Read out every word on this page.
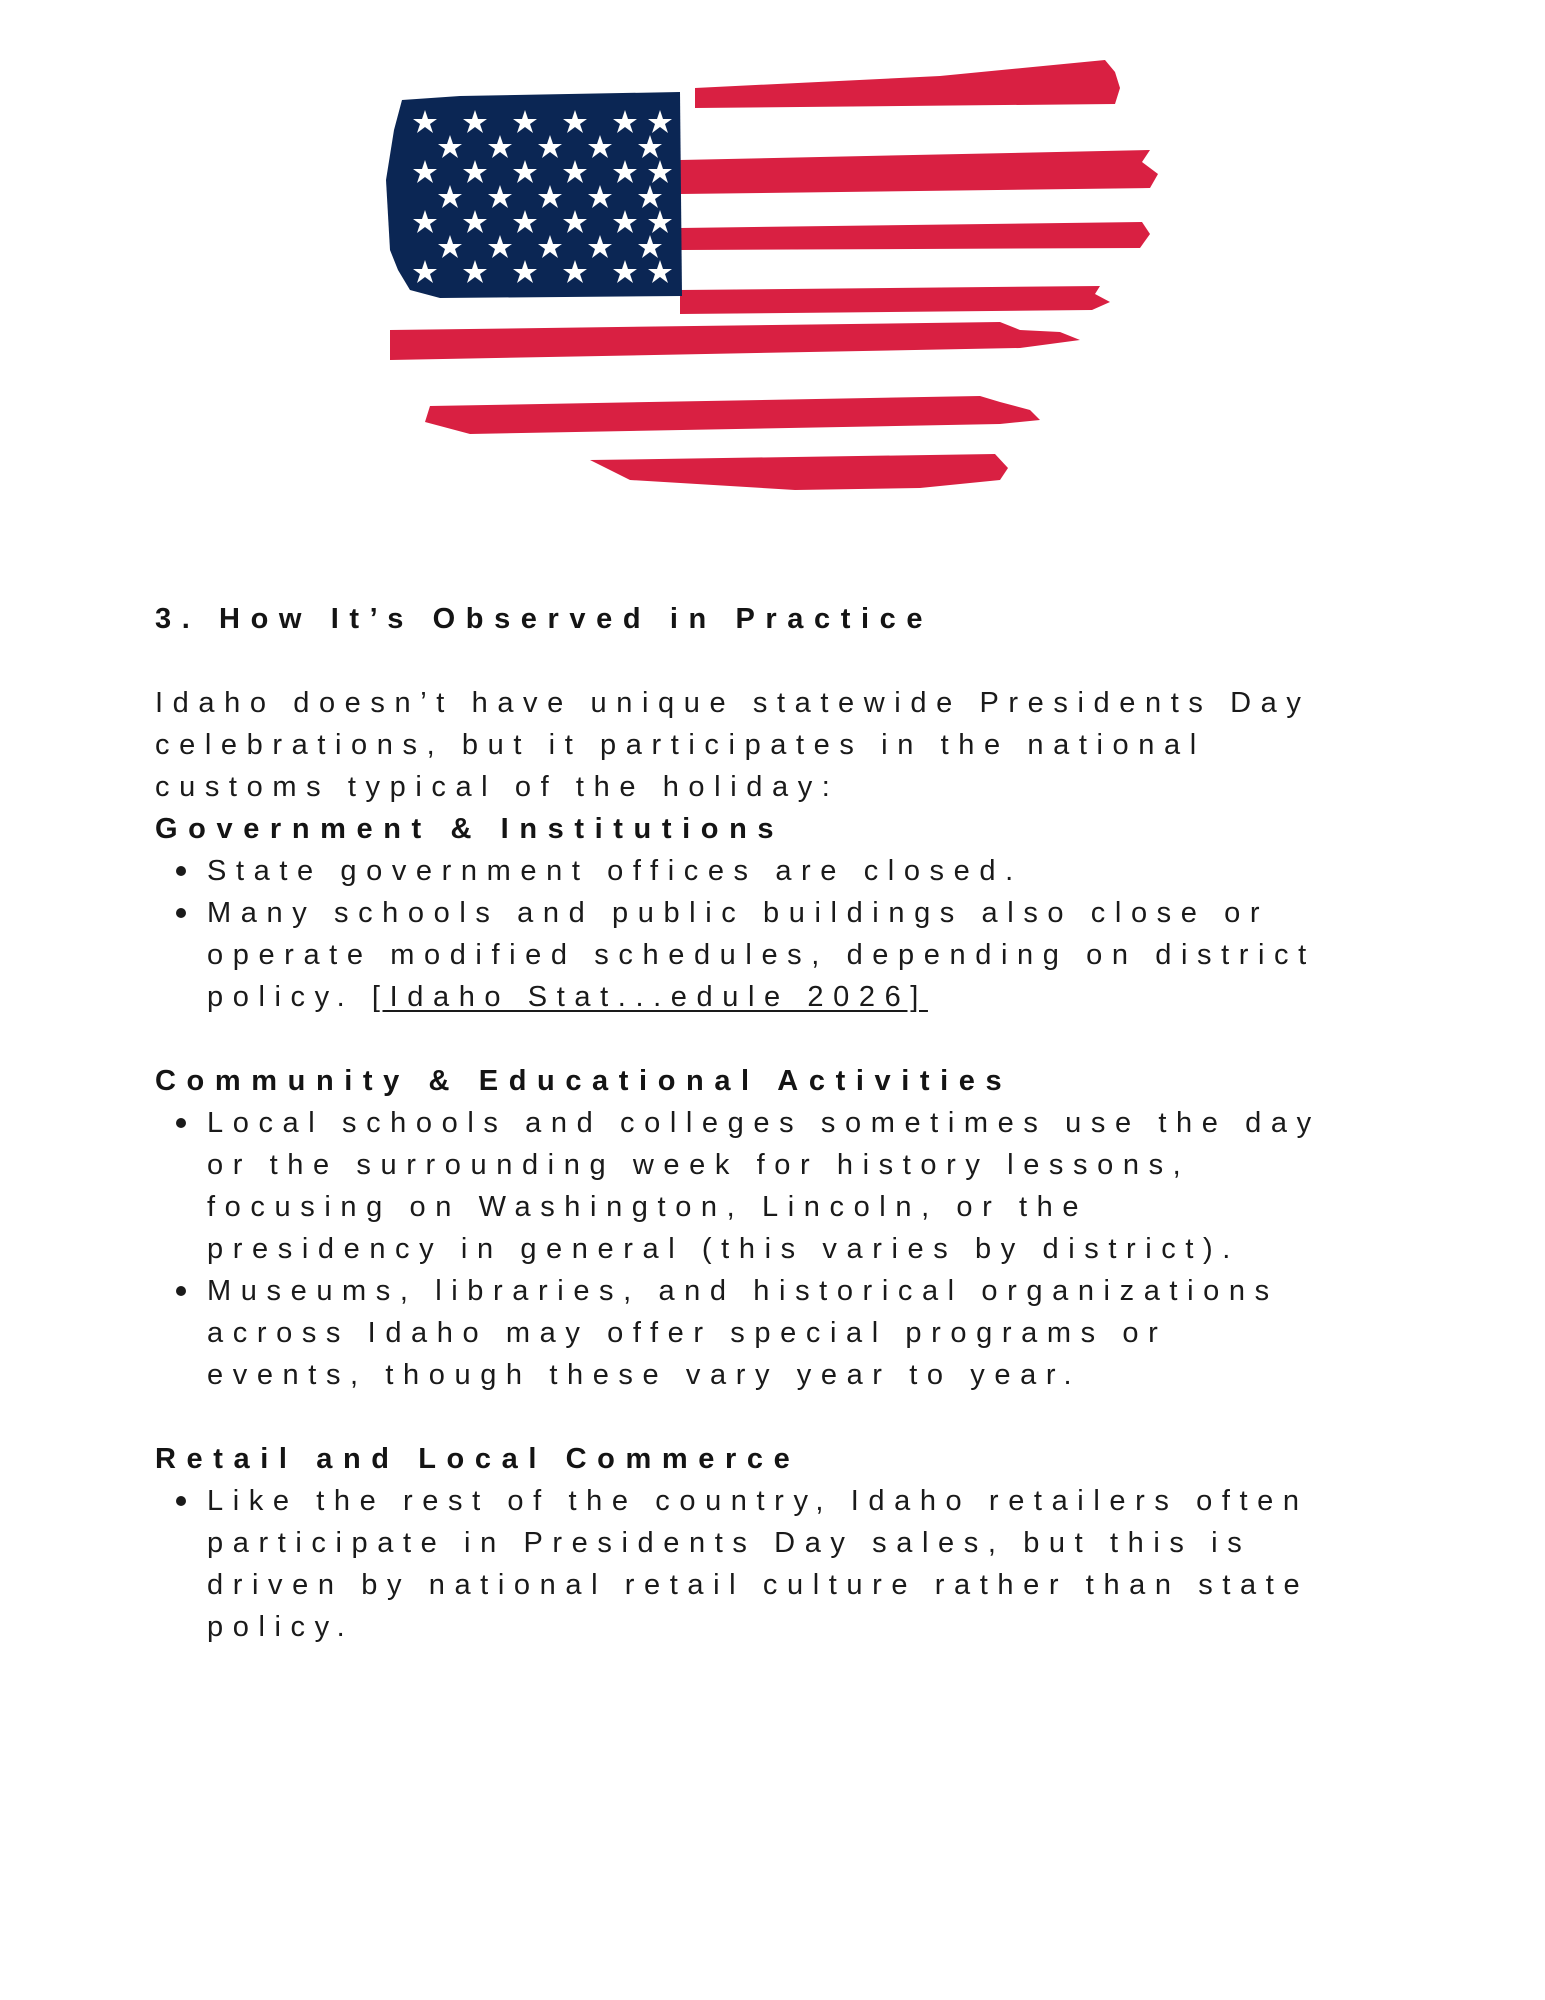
3. How It’s Observed in Practice

Idaho doesn’t have unique statewide Presidents Day
celebrations, but it participates in the national
customs typical of the holiday:

Government & Institutions
State government offices are closed.
Many schools and public buildings also close or
operate modified schedules, depending on district
policy. [Idaho Stat...edule 2026]
Community & Educational Activities
Local schools and colleges sometimes use the day
or the surrounding week for history lessons,
focusing on Washington, Lincoln, or the
presidency in general (this varies by district).
Museums, libraries, and historical organizations
across Idaho may offer special programs or
events, though these vary year to year.
Retail and Local Commerce
Like the rest of the country, Idaho retailers often
participate in Presidents Day sales, but this is
driven by national retail culture rather than state
policy.
